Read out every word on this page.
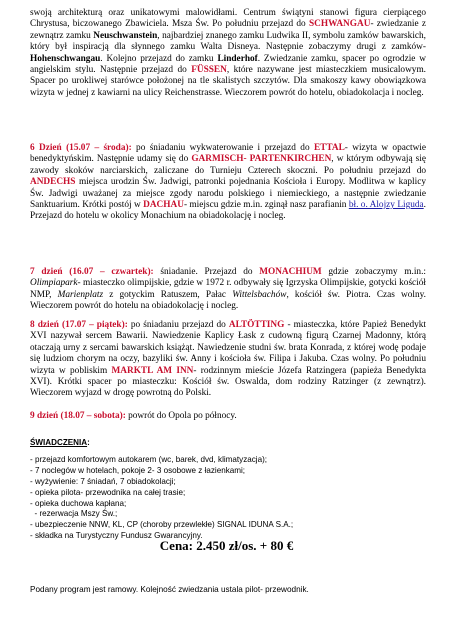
swoją architekturą oraz unikatowymi malowidłami. Centrum świątyni stanowi figura cierpiącego Chrystusa, biczowanego Zbawiciela. Msza Św. Po południu przejazd do SCHWANGAU- zwiedzanie z zewnątrz zamku Neuschwanstein, najbardziej znanego zamku Ludwika II, symbolu zamków bawarskich, który był inspiracją dla słynnego zamku Walta Disneya. Następnie zobaczymy drugi z zamków- Hohenschwangau. Kolejno przejazd do zamku Linderhof. Zwiedzanie zamku, spacer po ogrodzie w angielskim stylu. Następnie przejazd do FÜSSEN, które nazywane jest miasteczkiem musicalowym. Spacer po urokliwej starówce położonej na tle skalistych szczytów. Dla smakoszy kawy obowiązkowa wizyta w jednej z kawiarni na ulicy Reichenstrasse. Wieczorem powrót do hotelu, obiadokolacja i nocleg.

6 Dzień (15.07 – środa): po śniadaniu wykwaterowanie i przejazd do ETTAL- wizyta w opactwie benedyktyńskim. Następnie udamy się do GARMISCH- PARTENKIRCHEN, w którym odbywają się zawody skoków narciarskich, zaliczane do Turnieju Czterech skoczni. Po południu przejazd do ANDECHS miejsca urodzin Św. Jadwigi, patronki pojednania Kościoła i Europy. Modlitwa w kaplicy Św. Jadwigi uważanej za miejsce zgody narodu polskiego i niemieckiego, a następnie zwiedzanie Sanktuarium. Krótki postój w DACHAU- miejscu gdzie m.in. zginął nasz parafianin bł. o. Alojzy Liguda. Przejazd do hotelu w okolicy Monachium na obiadokolację i nocleg.

7 dzień (16.07 – czwartek): śniadanie. Przejazd do MONACHIUM gdzie zobaczymy m.in.: Olimpiapark- miasteczko olimpijskie, gdzie w 1972 r. odbywały się Igrzyska Olimpijskie, gotycki kościół NMP, Marienplatz z gotyckim Ratuszem, Pałac Wittelsbachów, kościół św. Piotra. Czas wolny. Wieczorem powrót do hotelu na obiadokolację i nocleg.

8 dzień (17.07 – piątek): po śniadaniu przejazd do ALTÖTTING - miasteczka, które Papież Benedykt XVI nazywał sercem Bawarii. Nawiedzenie Kaplicy Łask z cudowną figurą Czarnej Madonny, którą otaczają urny z sercami bawarskich książąt. Nawiedzenie studni św. brata Konrada, z której wodę podaje się ludziom chorym na oczy, bazyliki św. Anny i kościoła św. Filipa i Jakuba. Czas wolny. Po południu wizyta w pobliskim MARKTL AM INN- rodzinnym mieście Józefa Ratzingera (papieża Benedykta XVI). Krótki spacer po miasteczku: Kościół św. Oswalda, dom rodziny Ratzinger (z zewnątrz). Wieczorem wyjazd w drogę powrotną do Polski.

9 dzień (18.07 – sobota): powrót do Opola po północy.

ŚWIADCZENIA:

- przejazd komfortowym autokarem (wc, barek, dvd, klimatyzacja);
- 7 noclegów w hotelach, pokoje 2- 3 osobowe z łazienkami;
- wyżywienie: 7 śniadań, 7 obiadokolacji;
- opieka pilota- przewodnika na całej trasie;
- opieka duchowa kapłana;
- rezerwacja Mszy Św.;
- ubezpieczenie NNW, KL, CP (choroby przewlekłe) SIGNAL IDUNA S.A.;
- składka na Turystyczny Fundusz Gwarancyjny.
Cena: 2.450 zł/os. + 80 €
Podany program jest ramowy. Kolejność zwiedzania ustala pilot- przewodnik.
